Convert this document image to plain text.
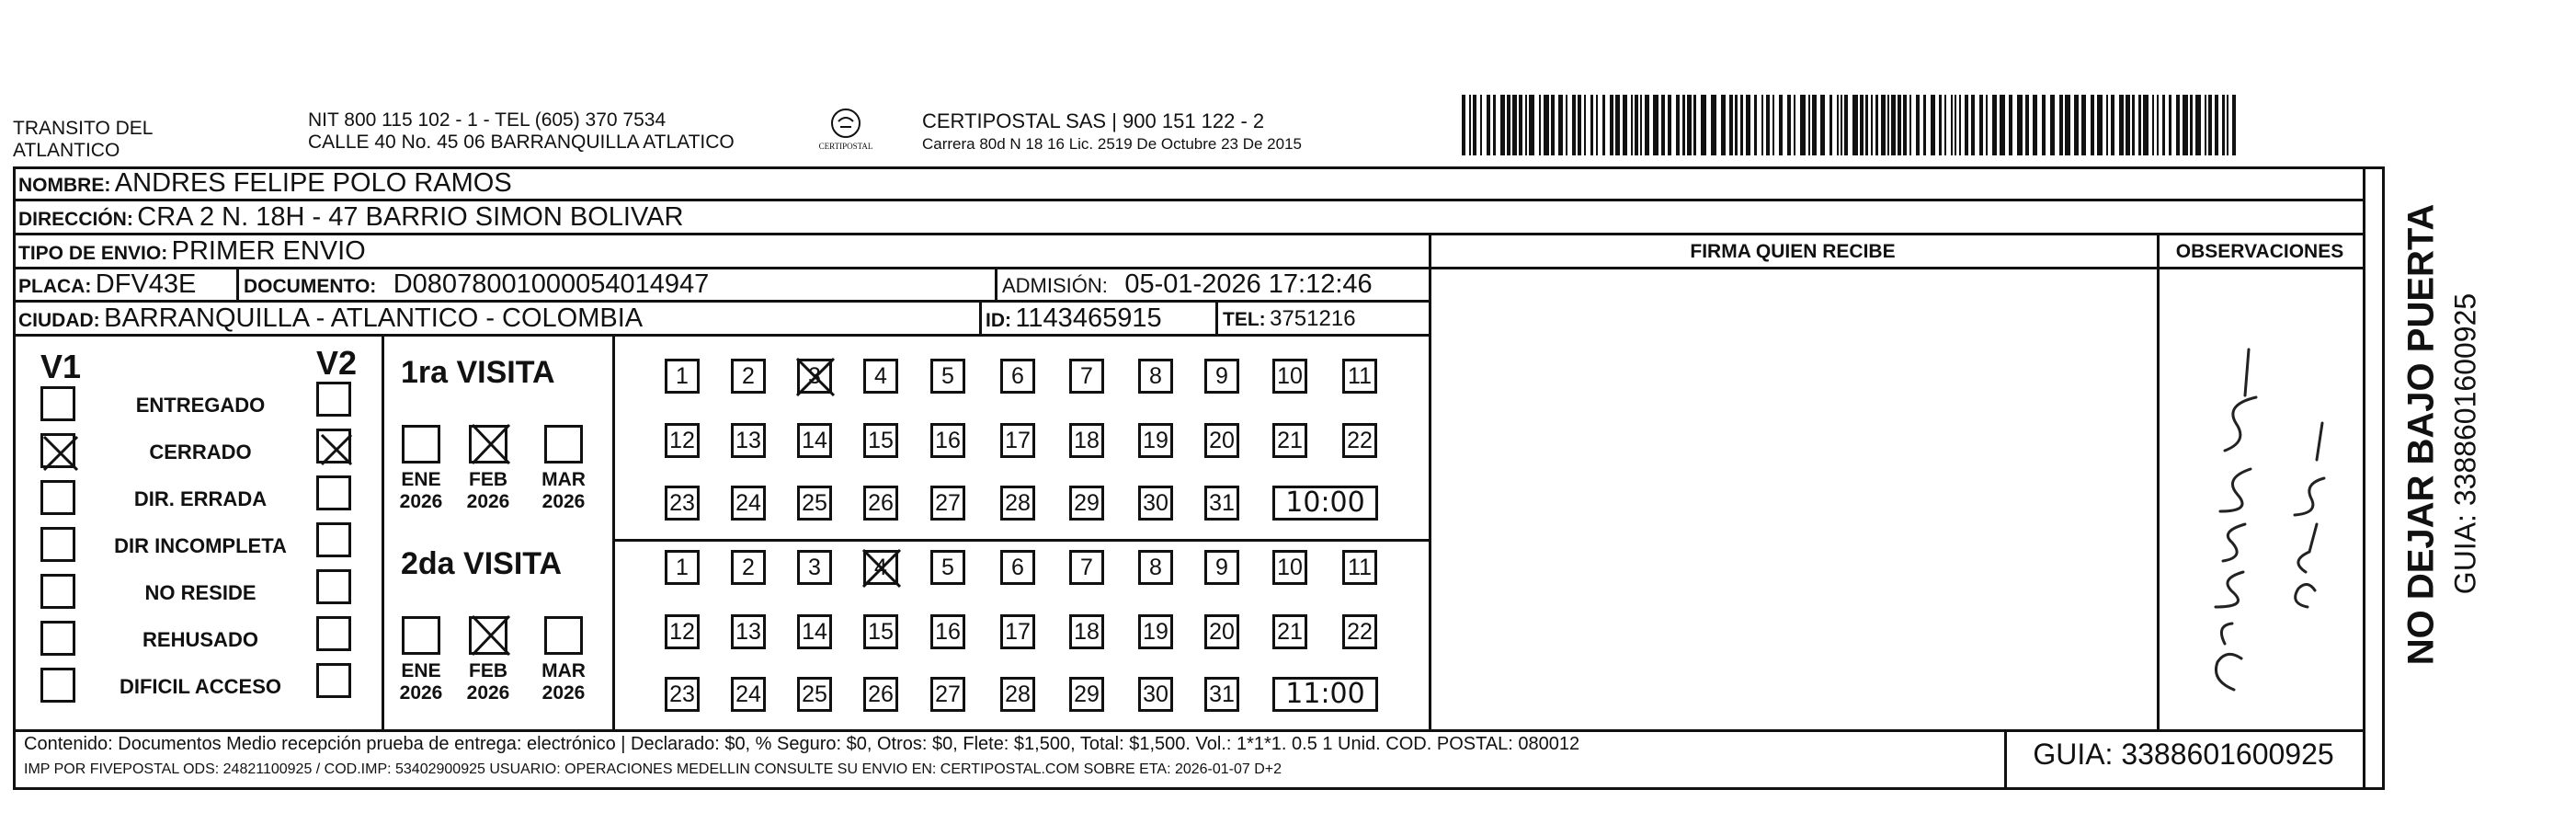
TRANSITO DEL
ATLANTICO
NIT 800 115 102 - 1 - TEL (605) 370 7534
CALLE 40 No. 45 06 BARRANQUILLA ATLATICO	CERTIPOSTAL
CERTIPOSTAL SAS | 900 151 122 - 2
Carrera 80d N 18 16 Lic. 2519 De Octubre 23 De 2015
NOMBRE: ANDRES FELIPE POLO RAMOS
DIRECCIÓN: CRA 2 N. 18H - 47 BARRIO SIMON BOLIVAR
TIPO DE ENVIO: PRIMER ENVIO	FIRMA QUIEN RECIBE	OBSERVACIONES
PLACA: DFV43E DOCUMENTO: D08078001000054014947	ADMISIÓN: 05-01-2026 17:12:46
CIUDAD: BARRANQUILLA - ATLANTICO - COLOMBIA	ID: 1143465915	TEL: 3751216
V1	V2 1ra VISITA
2da VISITA
Contenido: Documentos Medio recepción prueba de entrega: electrónico | Declarado: $0, % Seguro: $0, Otros: $0, Flete: $1,500, Total: $1,500. Vol.: 1*1*1. 0.5 1 Unid. COD. POSTAL: 080012
IMP POR FIVEPOSTAL ODS: 24821100925 / COD.IMP: 53402900925 USUARIO: OPERACIONES MEDELLIN CONSULTE SU ENVIO EN: CERTIPOSTAL.COM SOBRE ETA: 2026-01-07 D+2	GUIA: 3388601600925
NO DEJAR BAJO PUERTA GUIA: 3388601600925
ENTREGADO
CERRADO
DIR. ERRADA
DIR INCOMPLETA
NO RESIDE
REHUSADO
DIFICIL ACCESO
ENE
2026
FEB
2026
MAR
2026
1	2	3	4	5	6	7	8	9	10 11
12 13 14 15 16 17 18 19 20 21 22
23 24 25 26 27 28 29 30 31	10:00
ENE
2026
FEB
2026
MAR
2026
1	2	3	4	5	6	7	8	9	10 11
12 13 14 15 16 17 18 19 20 21 22
23 24 25 26 27 28 29 30 31	11:00
